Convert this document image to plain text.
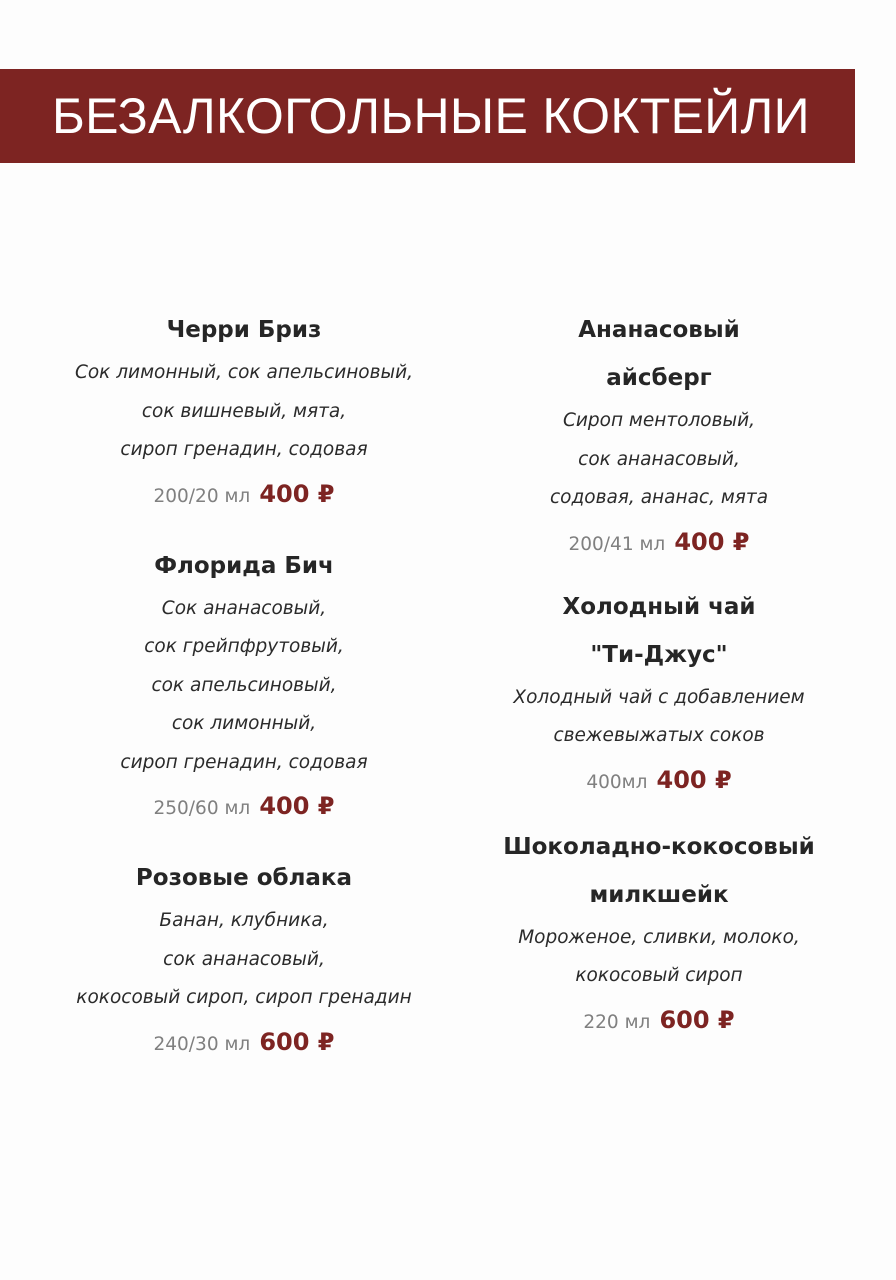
БЕЗАЛКОГОЛЬНЫЕ КОКТЕЙЛИ
Черри Бриз
Сок лимонный, сок апельсиновый,
сок вишневый, мята,
сироп гренадин, содовая
200/20 мл 400 ₽
Флорида Бич
Сок ананасовый,
сок грейпфрутовый,
сок апельсиновый,
сок лимонный,
сироп гренадин, содовая
250/60 мл 400 ₽
Розовые облака
Банан, клубника,
сок ананасовый,
кокосовый сироп, сироп гренадин
240/30 мл 600 ₽
Ананасовый
айсберг
Сироп ментоловый,
сок ананасовый,
содовая, ананас, мята
200/41 мл 400 ₽
Холодный чай
"Ти-Джус"
Холодный чай с добавлением
свежевыжатых соков
400мл 400 ₽
Шоколадно-кокосовый
милкшейк
Мороженое, сливки, молоко,
кокосовый сироп
220 мл 600 ₽
